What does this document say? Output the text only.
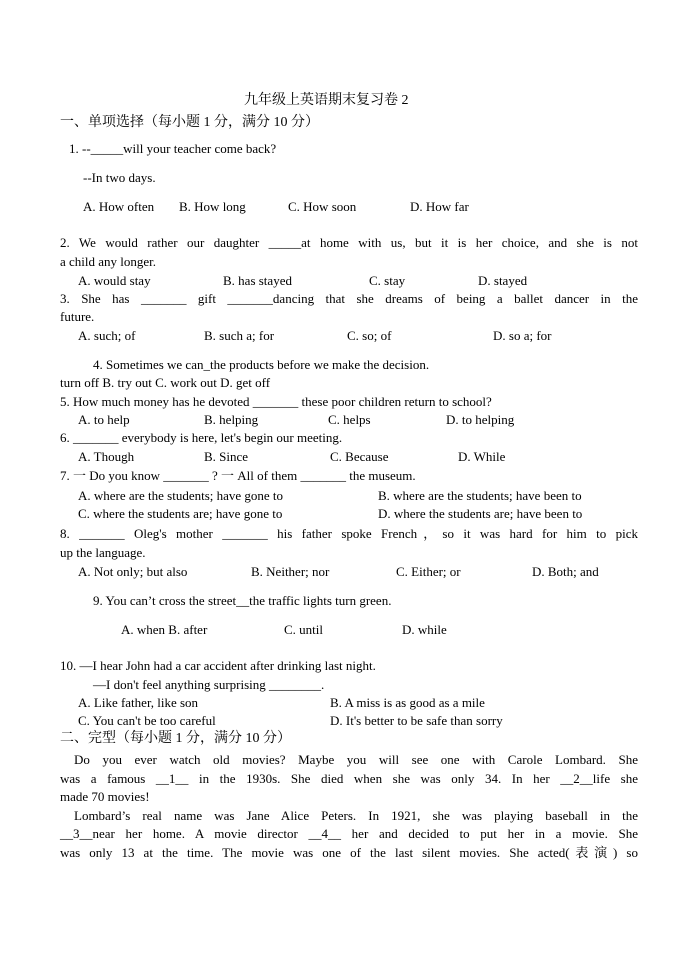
九年级上英语期末复习卷 2
一、单项选择（每小题 1 分，满分 10 分）
1. --_____will your teacher come back?
--In two days.
A. How often B. How long	C. How soon	D. How far
2. We would rather our daughter _____at home with us, but it is her choice, and she is not
a child any longer.
A. would stay	B. has stayed	C. stay	D. stayed
3. She has _______ gift _______dancing that she dreams of being a ballet dancer in the
future.
A. such; of	B. such a; for	C. so; of	D. so a; for
4. Sometimes we can_the products before we make the decision.
turn off B. try out C. work out D. get off
5. How much money has he devoted _______ these poor children return to school?
A. to help	B. helping	C. helps	D. to helping
6. _______ everybody is here, let's begin our meeting.
A. Though	B. Since	C. Because	D. While
7. 一 Do you know _______ ? 一 All of them _______ the museum.
A. where are the students; have gone to	B. where are the students; have been to
C. where the students are; have gone to	D. where the students are; have been to
8. _______ Oleg's mother _______ his father spoke French，so it was hard for him to pick
up the language.
A. Not only; but also	B. Neither; nor	C. Either; or	D. Both; and
9. You can’t cross the street__the traffic lights turn green.
A. when B. after	C. until	D. while
10. —I hear John had a car accident after drinking last night.
—I don't feel anything surprising ________.
A. Like father, like son	B. A miss is as good as a mile
C. You can't be too careful	D. It's better to be safe than sorry
二、完型（每小题 1 分，满分 10 分）
Do you ever watch old movies? Maybe you will see one with Carole Lombard. She
was a famous __1__ in the 1930s. She died when she was only 34. In her __2__life she
made 70 movies!
Lombard’s real name was Jane Alice Peters. In 1921, she was playing baseball in the
__3__near her home. A movie director __4__ her and decided to put her in a movie. She
was only 13 at the time. The movie was one of the last silent movies. She acted(表演) so
